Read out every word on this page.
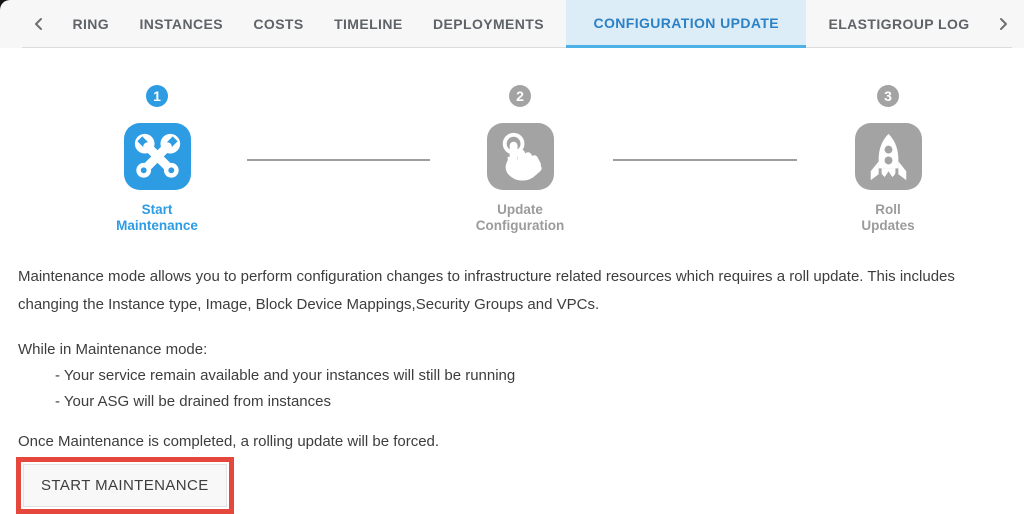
RING	INSTANCES	COSTS	TIMELINE	DEPLOYMENTS	CONFIGURATION UPDATE	ELASTIGROUP LOG
1
Start
Maintenance
2
Update
Configuration
3
Roll
Updates

Maintenance mode allows you to perform configuration changes to infrastructure related resources which requires a roll update. This includes changing the Instance type, Image, Block Device Mappings,Security Groups and VPCs.

While in Maintenance mode:

- Your service remain available and your instances will still be running
- Your ASG will be drained from instances

Once Maintenance is completed, a rolling update will be forced.

START MAINTENANCE
